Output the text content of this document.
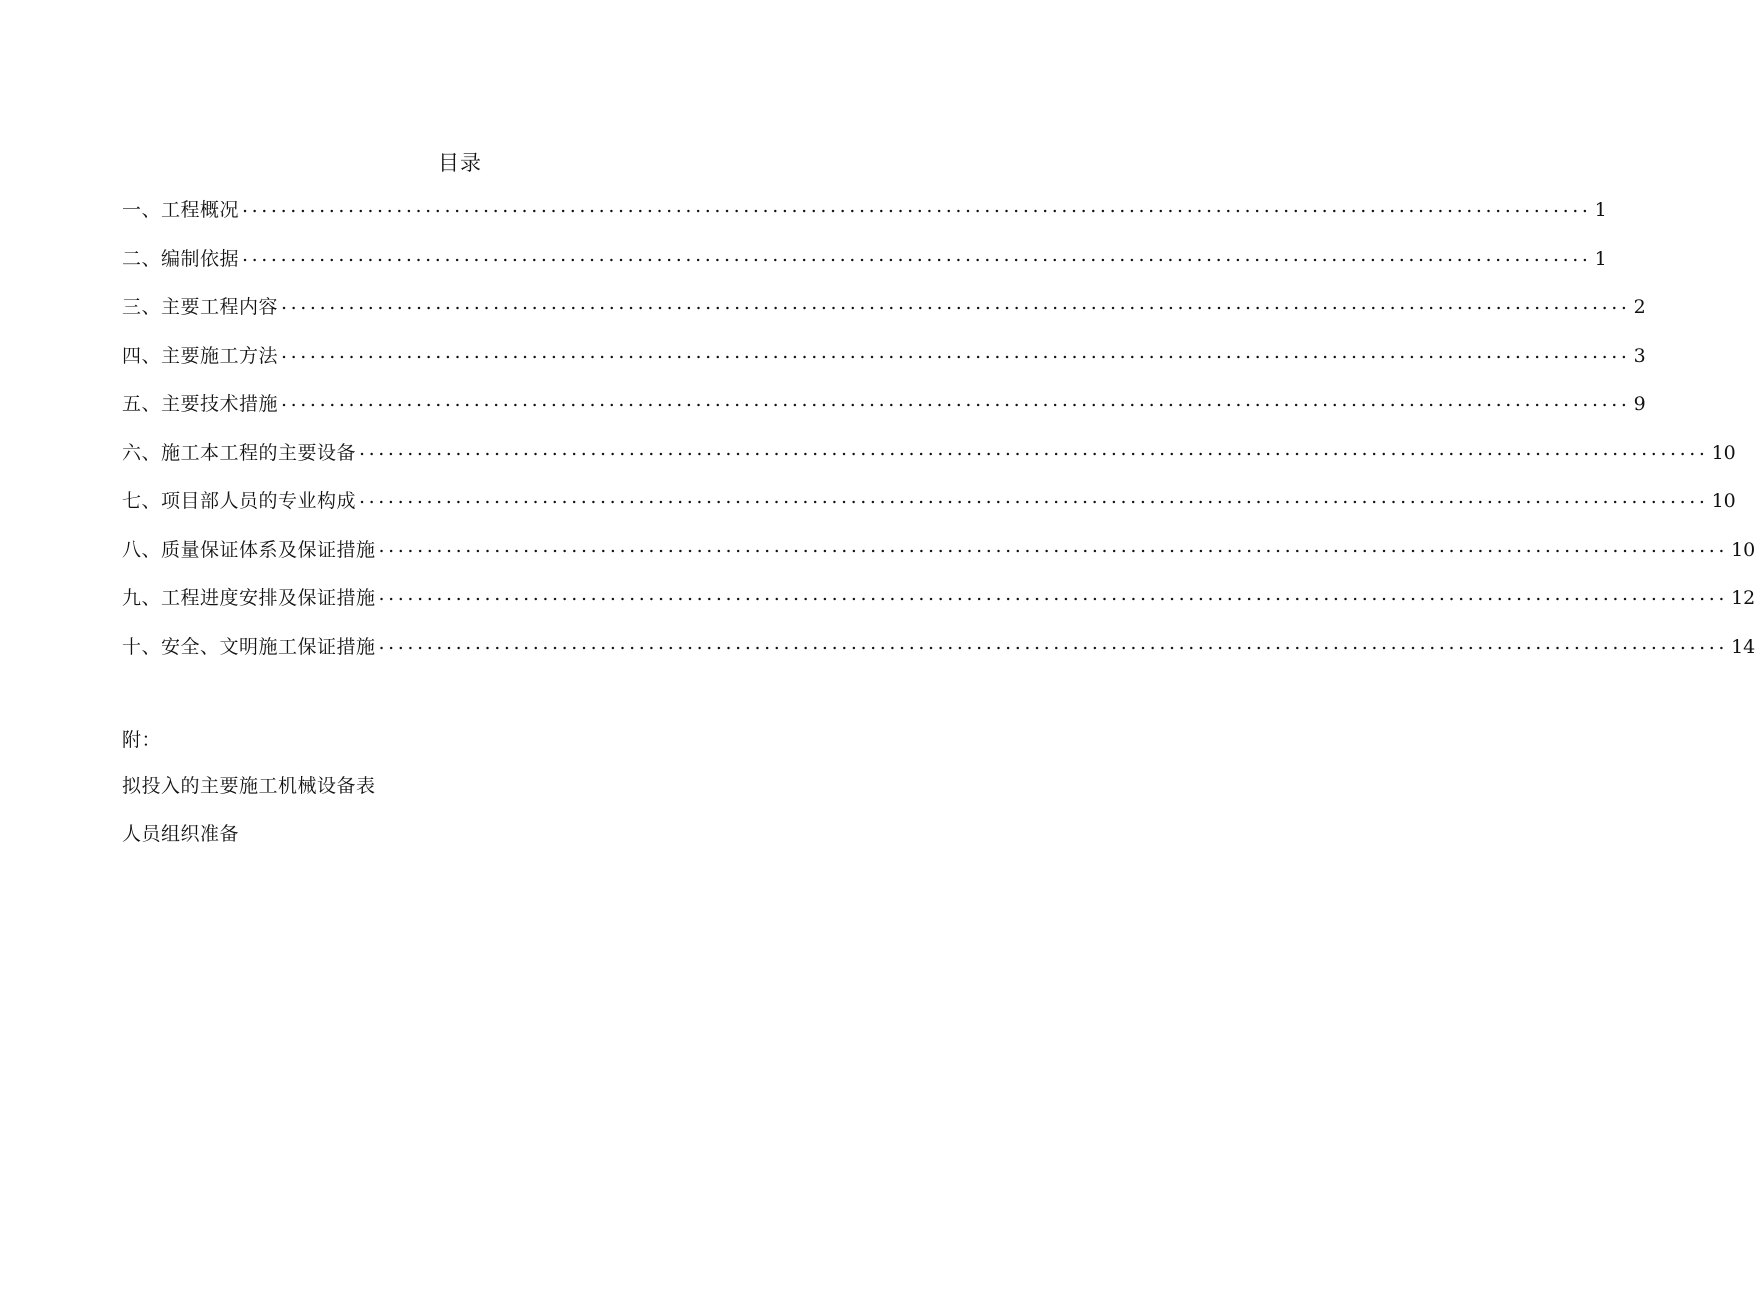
目录
一、工程概况 ............................................................................................................................................ 1
二、编制依据 ............................................................................................................................................ 1
三、主要工程内容 ............................................................................................................................................ 2
四、主要施工方法 ............................................................................................................................................ 3
五、主要技术措施 ............................................................................................................................................ 9
六、施工本工程的主要设备 ............................................................................................................................................ 10
七、项目部人员的专业构成 ............................................................................................................................................ 10
八、质量保证体系及保证措施 ............................................................................................................................................ 10
九、工程进度安排及保证措施 ............................................................................................................................................ 12
十、安全、文明施工保证措施 ............................................................................................................................................ 14
附：
拟投入的主要施工机械设备表
人员组织准备
